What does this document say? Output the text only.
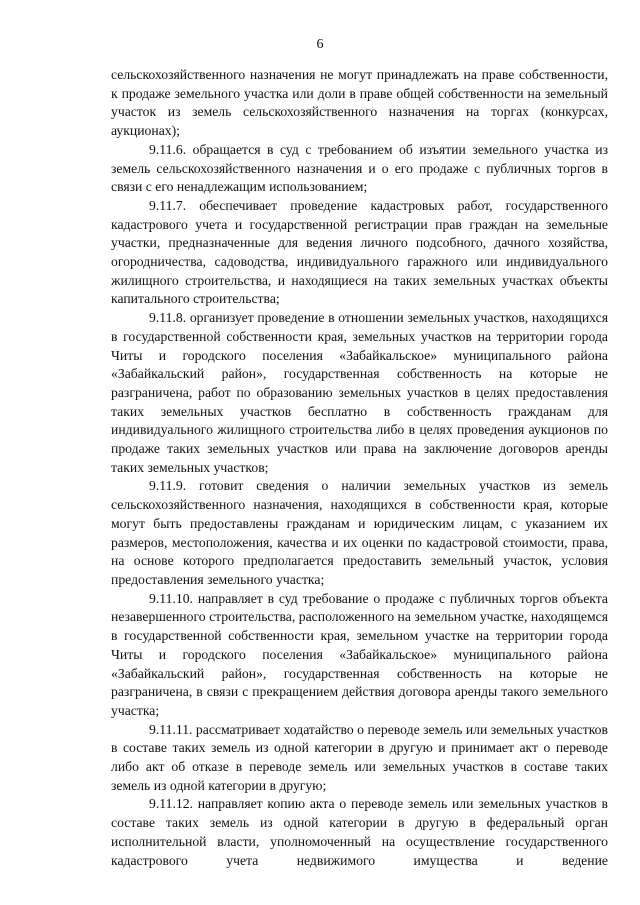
6

сельскохозяйственного назначения не могут принадлежать на праве собственности, к продаже земельного участка или доли в праве общей собственности на земельный участок из земель сельскохозяйственного назначения на торгах (конкурсах, аукционах);

9.11.6. обращается в суд с требованием об изъятии земельного участка из земель сельскохозяйственного назначения и о его продаже с публичных торгов в связи с его ненадлежащим использованием;

9.11.7. обеспечивает проведение кадастровых работ, государственного кадастрового учета и государственной регистрации прав граждан на земельные участки, предназначенные для ведения личного подсобного, дачного хозяйства, огородничества, садоводства, индивидуального гаражного или индивидуального жилищного строительства, и находящиеся на таких земельных участках объекты капитального строительства;

9.11.8. организует проведение в отношении земельных участков, находящихся в государственной собственности края, земельных участков на территории города Читы и городского поселения «Забайкальское» муниципального района «Забайкальский район», государственная собственность на которые не разграничена, работ по образованию земельных участков в целях предоставления таких земельных участков бесплатно в собственность гражданам для индивидуального жилищного строительства либо в целях проведения аукционов по продаже таких земельных участков или права на заключение договоров аренды таких земельных участков;

9.11.9. готовит сведения о наличии земельных участков из земель сельскохозяйственного назначения, находящихся в собственности края, которые могут быть предоставлены гражданам и юридическим лицам, с указанием их размеров, местоположения, качества и их оценки по кадастровой стоимости, права, на основе которого предполагается предоставить земельный участок, условия предоставления земельного участка;

9.11.10. направляет в суд требование о продаже с публичных торгов объекта незавершенного строительства, расположенного на земельном участке, находящемся в государственной собственности края, земельном участке на территории города Читы и городского поселения «Забайкальское» муниципального района «Забайкальский район», государственная собственность на которые не разграничена, в связи с прекращением действия договора аренды такого земельного участка;

9.11.11. рассматривает ходатайство о переводе земель или земельных участков в составе таких земель из одной категории в другую и принимает акт о переводе либо акт об отказе в переводе земель или земельных участков в составе таких земель из одной категории в другую;

9.11.12. направляет копию акта о переводе земель или земельных участков в составе таких земель из одной категории в другую в федеральный орган исполнительной власти, уполномоченный на осуществление государственного кадастрового учета недвижимого имущества и ведение
